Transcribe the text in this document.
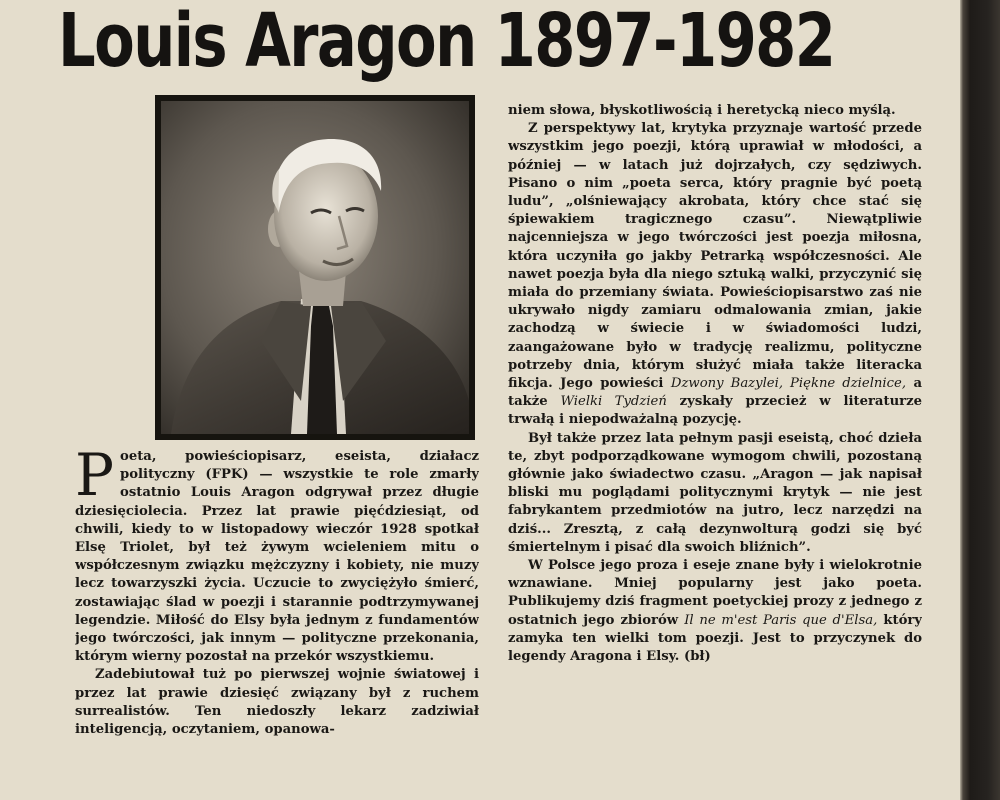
Louis Aragon 1897-1982

Poeta, powieściopisarz, eseista, działacz polityczny (FPK) — wszystkie te role zmarły ostatnio Louis Aragon odgrywał przez długie dziesięciolecia. Przez lat prawie pięćdziesiąt, od chwili, kiedy to w listopadowy wieczór 1928 spotkał Elsę Triolet, był też żywym wcieleniem mitu o współczesnym związku mężczyzny i kobiety, nie muzy lecz towarzyszki życia. Uczucie to zwyciężyło śmierć, zostawiając ślad w poezji i starannie podtrzymywanej legendzie. Miłość do Elsy była jednym z fundamentów jego twórczości, jak innym — polityczne przekonania, którym wierny pozostał na przekór wszystkiemu.

Zadebiutował tuż po pierwszej wojnie światowej i przez lat prawie dziesięć związany był z ruchem surrealistów. Ten niedoszły lekarz zadziwiał inteligencją, oczytaniem, opanowa-

niem słowa, błyskotliwością i heretycką nieco myślą.

Z perspektywy lat, krytyka przyznaje wartość przede wszystkim jego poezji, którą uprawiał w młodości, a później — w latach już dojrzałych, czy sędziwych. Pisano o nim „poeta serca, który pragnie być poetą ludu”, „olśniewający akrobata, który chce stać się śpiewakiem tragicznego czasu”. Niewątpliwie najcenniejsza w jego twórczości jest poezja miłosna, która uczyniła go jakby Petrarką współczesności. Ale nawet poezja była dla niego sztuką walki, przyczynić się miała do przemiany świata. Powieściopisarstwo zaś nie ukrywało nigdy zamiaru odmalowania zmian, jakie zachodzą w świecie i w świadomości ludzi, zaangażowane było w tradycję realizmu, polityczne potrzeby dnia, którym służyć miała także literacka fikcja. Jego powieści Dzwony Bazylei, Piękne dzielnice, a także Wielki Tydzień zyskały przecież w literaturze trwałą i niepodważalną pozycję.

Był także przez lata pełnym pasji eseistą, choć dzieła te, zbyt podporządkowane wymogom chwili, pozostaną głównie jako świadectwo czasu. „Aragon — jak napisał bliski mu poglądami politycznymi krytyk — nie jest fabrykantem przedmiotów na jutro, lecz narzędzi na dziś... Zresztą, z całą dezynwolturą godzi się być śmiertelnym i pisać dla swoich bliźnich”.

W Polsce jego proza i eseje znane były i wielokrotnie wznawiane. Mniej popularny jest jako poeta. Publikujemy dziś fragment poetyckiej prozy z jednego z ostatnich jego zbiorów Il ne m'est Paris que d'Elsa, który zamyka ten wielki tom poezji. Jest to przyczynek do legendy Aragona i Elsy. (bł)
